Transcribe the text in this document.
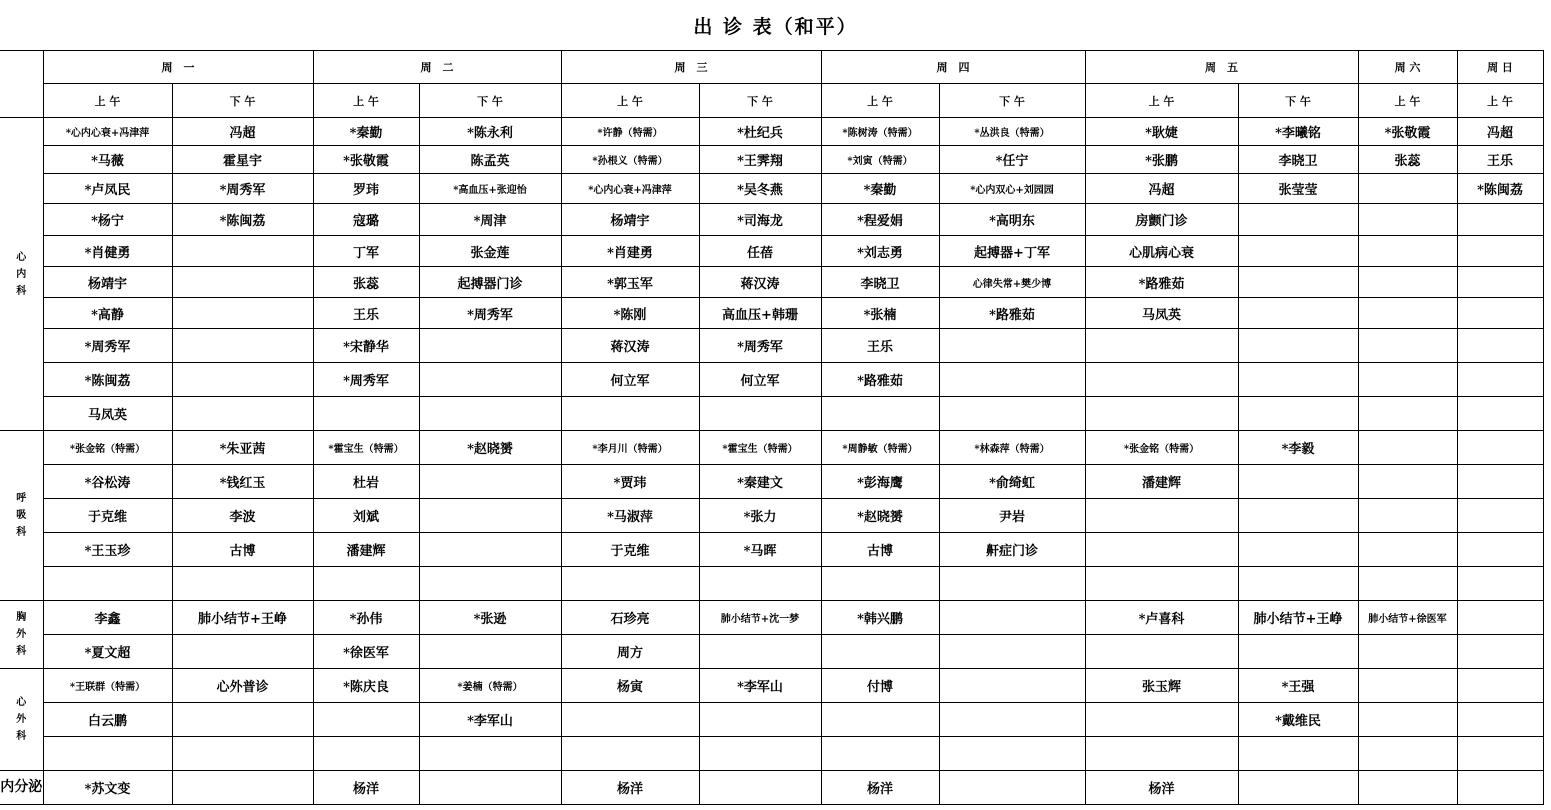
出 诊 表（和平）
	周　一		周　二		周　三		周　四		周　五		周 六	周 日
	上 午	下 午	上 午	下 午	上 午	下 午	上 午	下 午	上 午	下 午	上 午	上 午
心
内
科	*心内心衰+冯津萍	冯超	*秦勤	*陈永利	*许静（特需）	*杜纪兵	*陈树涛（特需）	*丛洪良（特需）	*耿婕	*李曦铭	*张敬霞	冯超
	*马薇	霍星宇	*张敬霞	陈孟英	*孙根义（特需）	*王霁翔	*刘寅（特需）	*任宁	*张鹏	李晓卫	张蕊	王乐
	*卢凤民	*周秀军	罗玮	*高血压+张迎怡	*心内心衰+冯津萍	*吴冬燕	*秦勤	*心内双心+刘园园	冯超	张莹莹		*陈闽荔
	*杨宁	*陈闽荔	寇璐	*周津	杨靖宇	*司海龙	*程爱娟	*高明东	房颤门诊			
	*肖健勇		丁军	张金莲	*肖建勇	任蓓	*刘志勇	起搏器+丁军	心肌病心衰			
	杨靖宇		张蕊	起搏器门诊	*郭玉军	蒋汉涛	李晓卫	心律失常+樊少博	*路雅茹			
	*高静		王乐	*周秀军	*陈刚	高血压+韩珊	*张楠	*路雅茹	马凤英			
	*周秀军		*宋静华		蒋汉涛	*周秀军	王乐					
	*陈闽荔		*周秀军		何立军	何立军	*路雅茹					
	马凤英											
呼
吸
科	*张金铭（特需）	*朱亚茜	*霍宝生（特需）	*赵晓赟	*李月川（特需）	*霍宝生（特需）	*周静敏（特需）	*林森萍（特需）	*张金铭（特需）	*李毅		
	*谷松涛	*钱红玉	杜岩		*贾玮	*秦建文	*彭海鹰	*俞绮虹	潘建辉			
	于克维	李波	刘斌		*马淑萍	*张力	*赵晓赟	尹岩				
	*王玉珍	古博	潘建辉		于克维	*马晖	古博	鼾症门诊				

胸
外
科	李鑫	肺小结节+王峥	*孙伟	*张逊	石珍亮	肺小结节+沈一梦	*韩兴鹏		*卢喜科	肺小结节+王峥	肺小结节+徐医军	
	*夏文超		*徐医军		周方							
心
外
科	*王联群（特需）	心外普诊	*陈庆良	*姜楠（特需）	杨寅	*李军山	付博		张玉辉	*王强		
	白云鹏			*李军山						*戴维民		

内分泌	*苏文变		杨洋		杨洋		杨洋		杨洋			
